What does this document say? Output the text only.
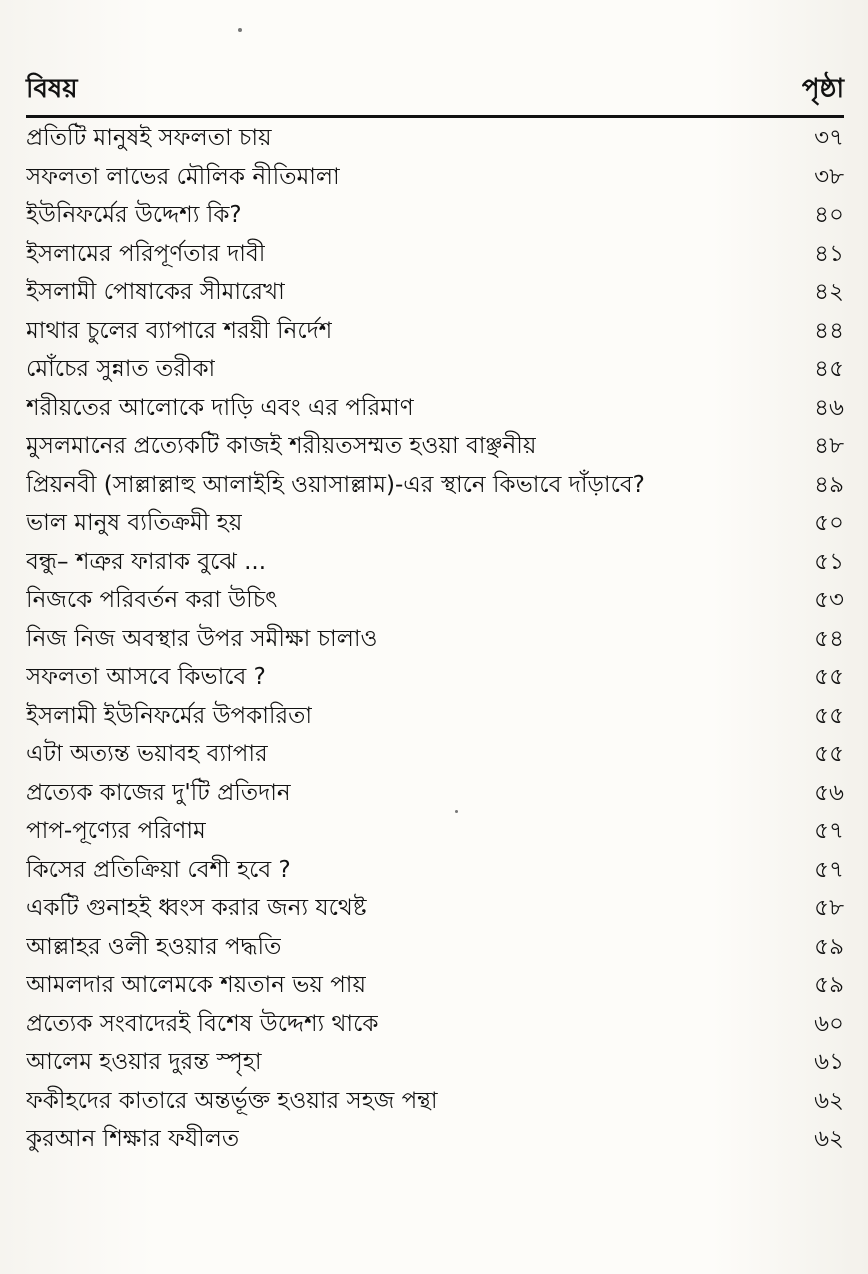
বিষয়	পৃষ্ঠা
প্রতিটি মানুষই সফলতা চায়	৩৭
সফলতা লাভের মৌলিক নীতিমালা	৩৮
ইউনিফর্মের উদ্দেশ্য কি?	৪০
ইসলামের পরিপূর্ণতার দাবী	৪১
ইসলামী পোষাকের সীমারেখা	৪২
মাথার চুলের ব্যাপারে শরয়ী নির্দেশ	৪৪
মোঁচের সুন্নাত তরীকা	৪৫
শরীয়তের আলোকে দাড়ি এবং এর পরিমাণ	৪৬
মুসলমানের প্রত্যেকটি কাজই শরীয়তসম্মত হওয়া বাঞ্ছনীয়	৪৮
প্রিয়নবী (সাল্লাল্লাহু আলাইহি ওয়াসাল্লাম)-এর স্থানে কিভাবে দাঁড়াবে?	৪৯
ভাল মানুষ ব্যতিক্রমী হয়	৫০
বন্ধু– শত্রুর ফারাক বুঝে ...	৫১
নিজকে পরিবর্তন করা উচিৎ	৫৩
নিজ নিজ অবস্থার উপর সমীক্ষা চালাও	৫৪
সফলতা আসবে কিভাবে ?	৫৫
ইসলামী ইউনিফর্মের উপকারিতা	৫৫
এটা অত্যন্ত ভয়াবহ ব্যাপার	৫৫
প্রত্যেক কাজের দু'টি প্রতিদান	৫৬
পাপ-পূণ্যের পরিণাম	৫৭
কিসের প্রতিক্রিয়া বেশী হবে ?	৫৭
একটি গুনাহই ধ্বংস করার জন্য যথেষ্ট	৫৮
আল্লাহর ওলী হওয়ার পদ্ধতি	৫৯
আমলদার আলেমকে শয়তান ভয় পায়	৫৯
প্রত্যেক সংবাদেরই বিশেষ উদ্দেশ্য থাকে	৬০
আলেম হওয়ার দুরন্ত স্পৃহা	৬১
ফকীহদের কাতারে অন্তর্ভূক্ত হওয়ার সহজ পন্থা	৬২
কুরআন শিক্ষার ফযীলত	৬২
